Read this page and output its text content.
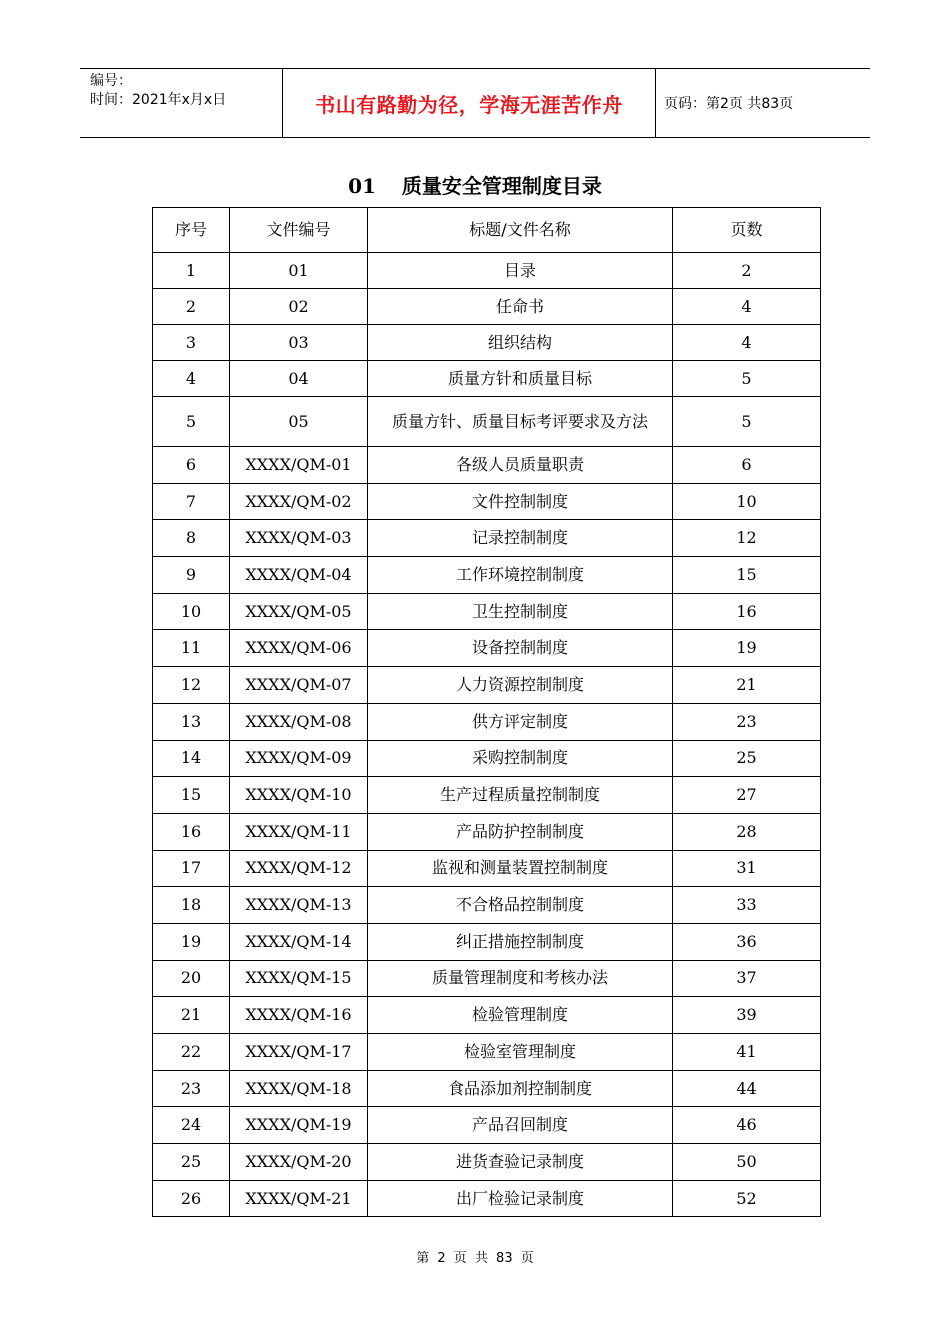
编号：
时间：2021年x月x日	书山有路勤为径，学海无涯苦作舟	页码：第2页 共83页
01 质量安全管理制度目录
序号	文件编号	标题/文件名称	页数
1	01	目录	2
2	02	任命书	4
3	03	组织结构	4
4	04	质量方针和质量目标	5
5	05	质量方针、质量目标考评要求及方法	5
6	XXXX/QM-01	各级人员质量职责	6
7	XXXX/QM-02	文件控制制度	10
8	XXXX/QM-03	记录控制制度	12
9	XXXX/QM-04	工作环境控制制度	15
10	XXXX/QM-05	卫生控制制度	16
11	XXXX/QM-06	设备控制制度	19
12	XXXX/QM-07	人力资源控制制度	21
13	XXXX/QM-08	供方评定制度	23
14	XXXX/QM-09	采购控制制度	25
15	XXXX/QM-10	生产过程质量控制制度	27
16	XXXX/QM-11	产品防护控制制度	28
17	XXXX/QM-12	监视和测量装置控制制度	31
18	XXXX/QM-13	不合格品控制制度	33
19	XXXX/QM-14	纠正措施控制制度	36
20	XXXX/QM-15	质量管理制度和考核办法	37
21	XXXX/QM-16	检验管理制度	39
22	XXXX/QM-17	检验室管理制度	41
23	XXXX/QM-18	食品添加剂控制制度	44
24	XXXX/QM-19	产品召回制度	46
25	XXXX/QM-20	进货查验记录制度	50
26	XXXX/QM-21	出厂检验记录制度	52
第 2 页 共 83 页
